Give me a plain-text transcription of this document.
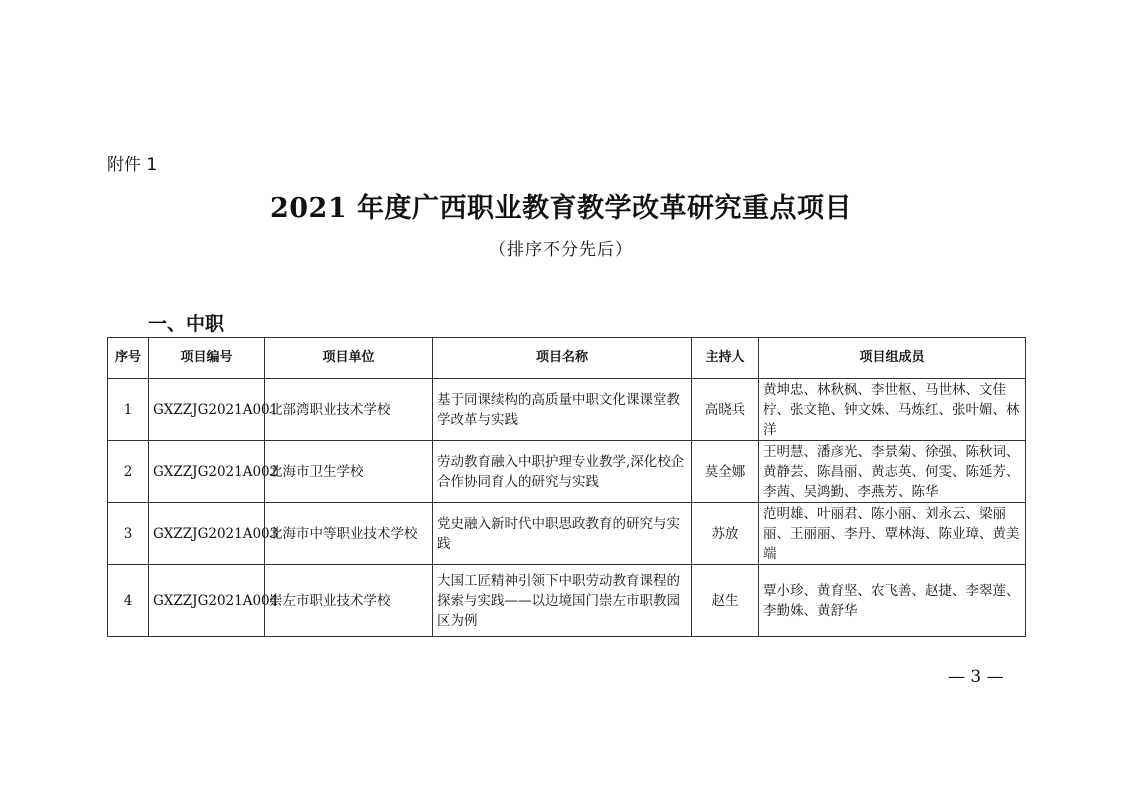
附件 1
2021 年度广西职业教育教学改革研究重点项目
（排序不分先后）
一、中职
序号	项目编号	项目单位	项目名称	主持人	项目组成员
1	GXZZJG2021A001	北部湾职业技术学校	基于同课续构的高质量中职文化课课堂教学改革与实践	高晓兵	黄坤忠、林秋枫、李世枢、马世林、文佳柠、张文艳、钟文姝、马炼红、张叶媚、林洋
2	GXZZJG2021A002	北海市卫生学校	劳动教育融入中职护理专业教学,深化校企合作协同育人的研究与实践	莫全娜	王明慧、潘彦光、李景菊、徐强、陈秋词、黄静芸、陈昌丽、黄志英、何雯、陈延芳、李茜、吴鸿勤、李燕芳、陈华
3	GXZZJG2021A003	北海市中等职业技术学校	党史融入新时代中职思政教育的研究与实践	苏放	范明雄、叶丽君、陈小丽、刘永云、梁丽丽、王丽丽、李丹、覃林海、陈业璋、黄美端
4	GXZZJG2021A004	崇左市职业技术学校	大国工匠精神引领下中职劳动教育课程的探索与实践——以边境国门崇左市职教园区为例	赵生	覃小珍、黄育坚、农飞善、赵捷、李翠莲、李勤姝、黄舒华
— 3 —
